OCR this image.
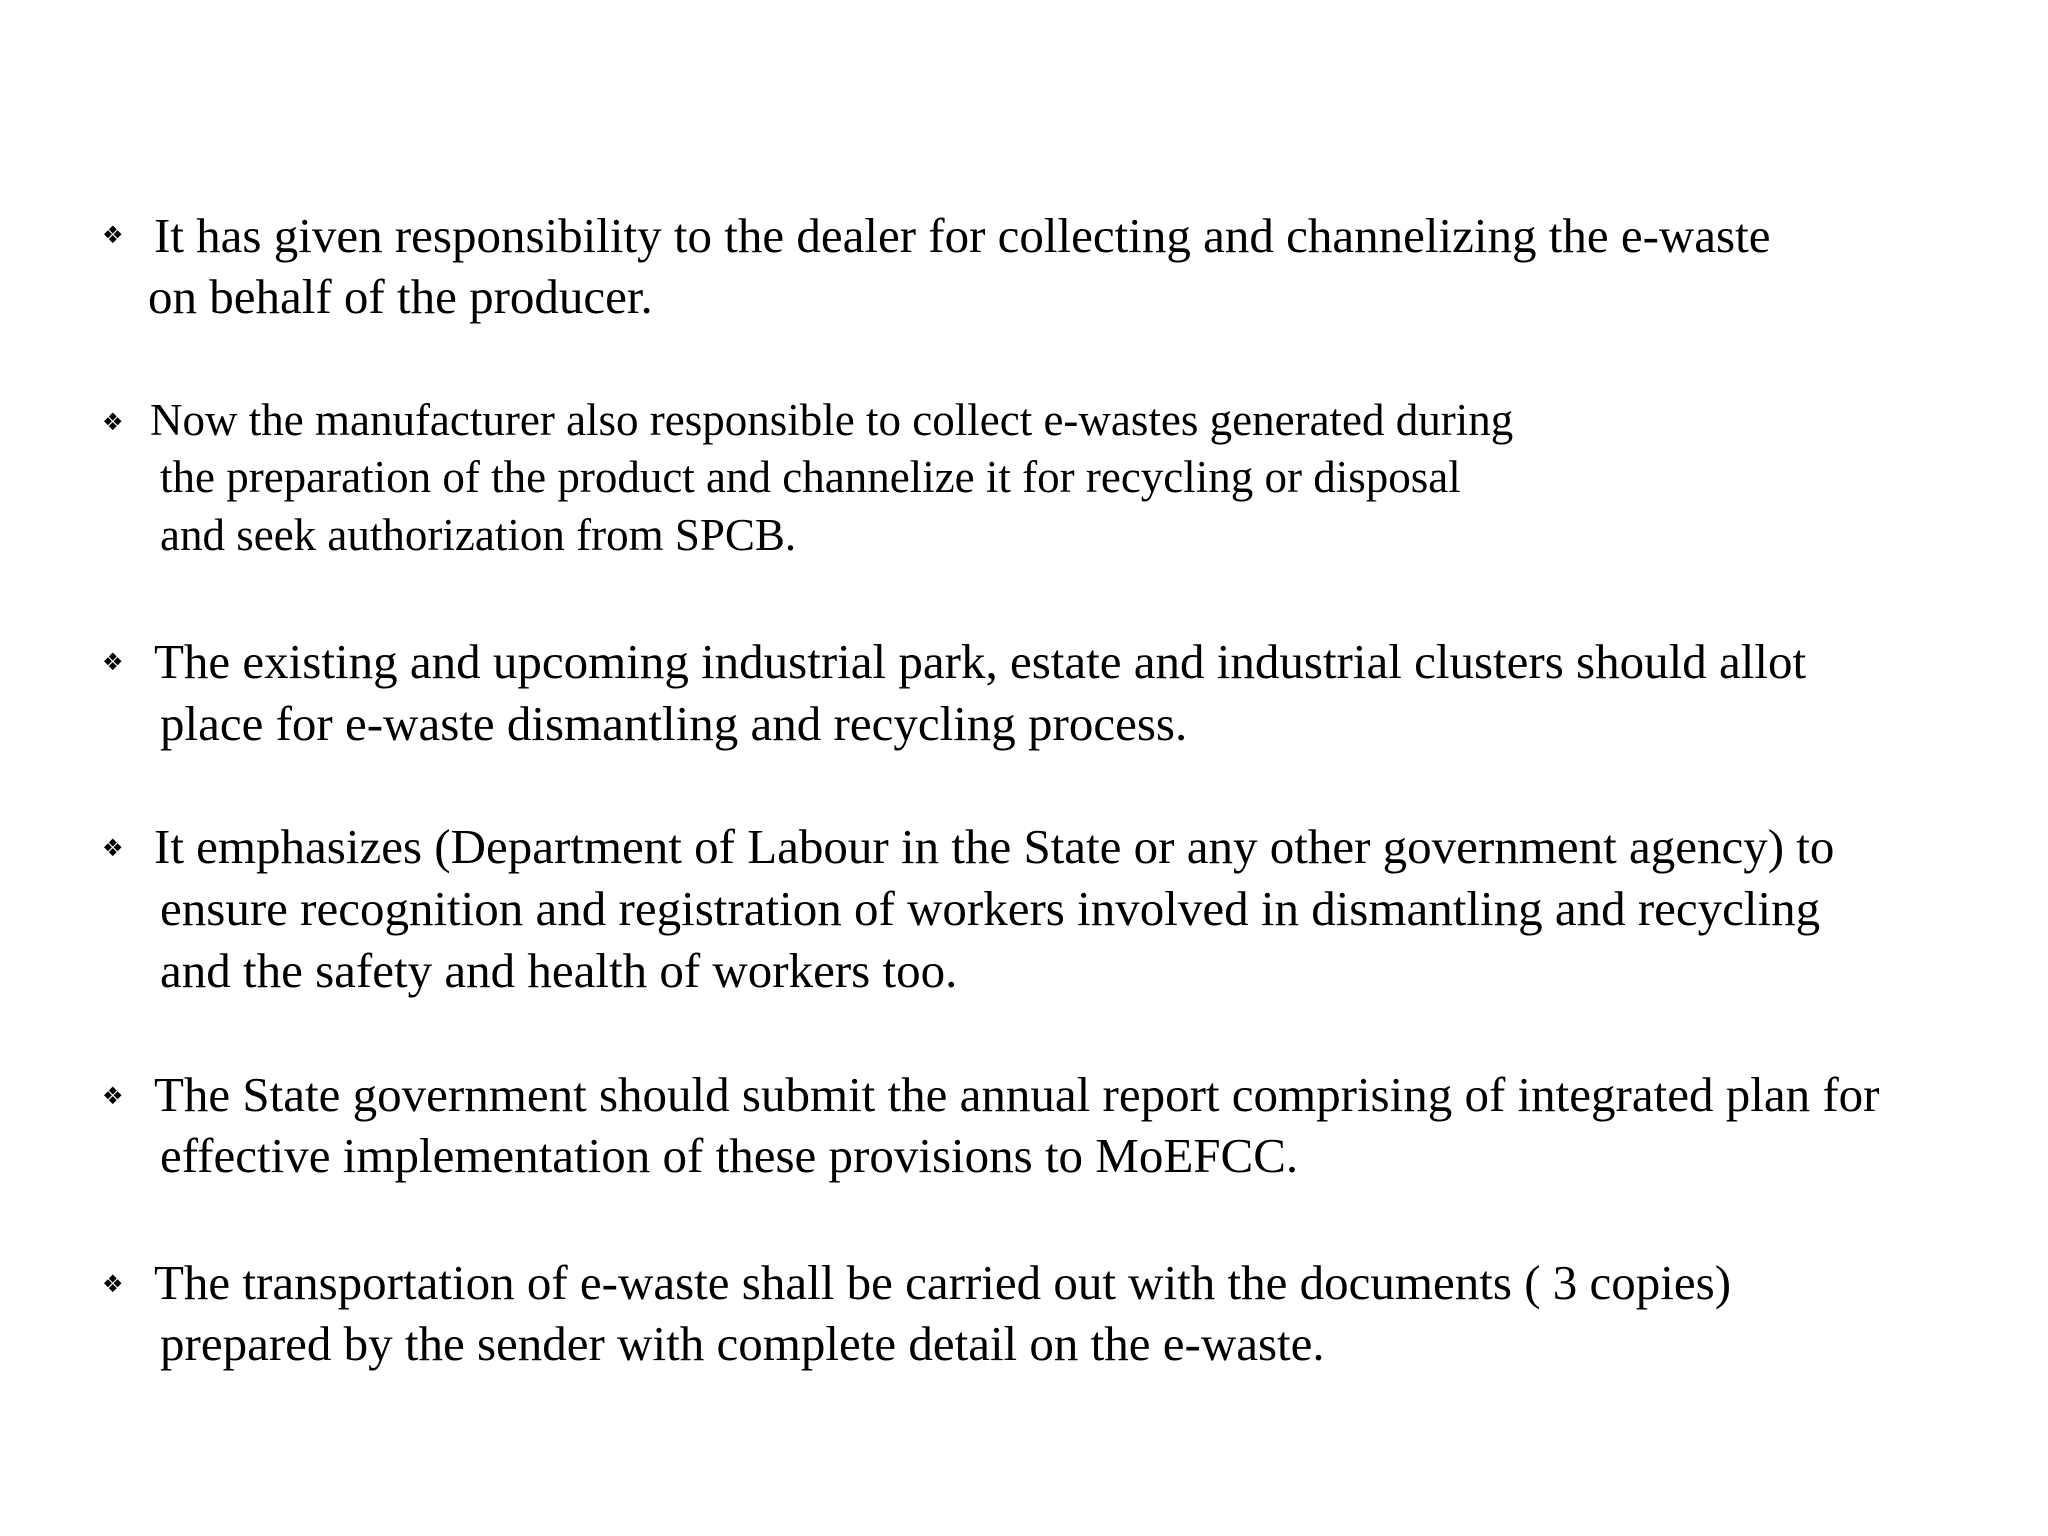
❖ It has given responsibility to the dealer for collecting and channelizing the e-waste
on behalf of the producer.
❖ Now the manufacturer also responsible to collect e-wastes generated during
the preparation of the product and channelize it for recycling or disposal
and seek authorization from SPCB.
❖ The existing and upcoming industrial park, estate and industrial clusters should allot
place for e-waste dismantling and recycling process.
❖ It emphasizes (Department of Labour in the State or any other government agency) to
ensure recognition and registration of workers involved in dismantling and recycling
and the safety and health of workers too.
❖ The State government should submit the annual report comprising of integrated plan for
effective implementation of these provisions to MoEFCC.
❖ The transportation of e-waste shall be carried out with the documents ( 3 copies)
prepared by the sender with complete detail on the e-waste.
